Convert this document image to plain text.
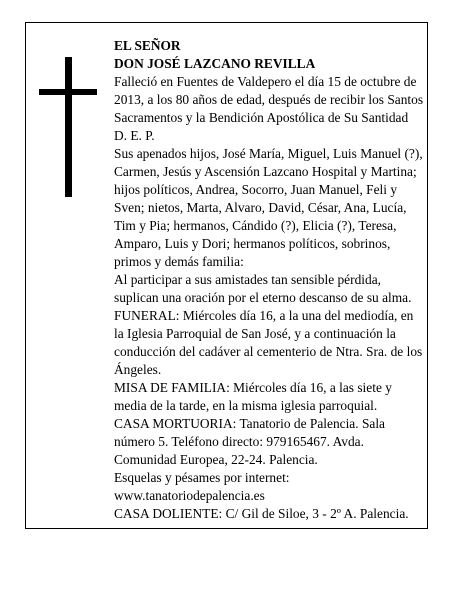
EL SEÑOR

DON JOSÉ LAZCANO REVILLA

Falleció en Fuentes de Valdepero el día 15 de octubre de 2013, a los 80 años de edad, después de recibir los Santos Sacramentos y la Bendición Apostólica de Su Santidad

D. E. P.

Sus apenados hijos, José María, Miguel, Luis Manuel (?), Carmen, Jesús y Ascensión Lazcano Hospital y Martina; hijos políticos, Andrea, Socorro, Juan Manuel, Feli y Sven; nietos, Marta, Alvaro, David, César, Ana, Lucía, Tim y Pia; hermanos, Cándido (?), Elicia (?), Teresa, Amparo, Luis y Dori; hermanos políticos, sobrinos, primos y demás familia:

Al participar a sus amistades tan sensible pérdida, suplican una oración por el eterno descanso de su alma.

FUNERAL: Miércoles día 16, a la una del mediodía, en la Iglesia Parroquial de San José, y a continuación la conducción del cadáver al cementerio de Ntra. Sra. de los Ángeles.

MISA DE FAMILIA: Miércoles día 16, a las siete y media de la tarde, en la misma iglesia parroquial.

CASA MORTUORIA: Tanatorio de Palencia. Sala número 5. Teléfono directo: 979165467. Avda. Comunidad Europea, 22-24. Palencia.

Esquelas y pésames por internet:

www.tanatoriodepalencia.es

CASA DOLIENTE: C/ Gil de Siloe, 3 - 2º A. Palencia.
